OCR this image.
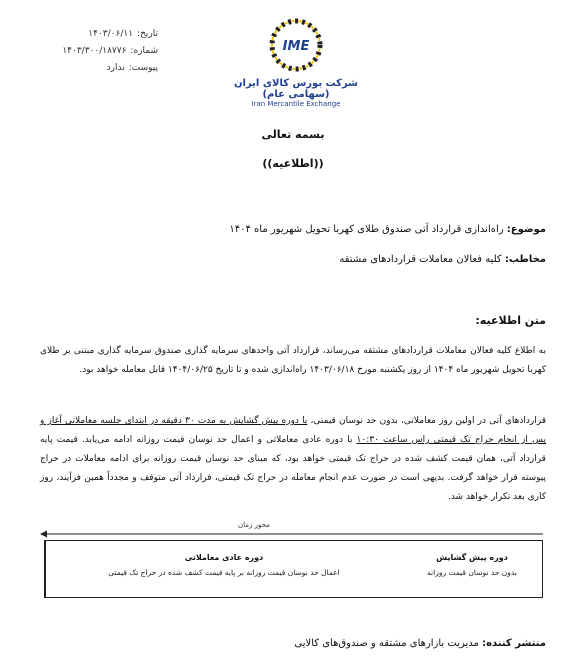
تاریخ:
۱۴۰۳/۰۶/۱۱
شماره:
۱۴۰۳/۳۰۰/۱۸۷۷۶
پیوست:
ندارد
IME
شرکت بورس کالای ایران (سهامی عام)
Iran Mercantile Exchange
بسمه تعالی
((اطلاعیه))
موضوع: راه‌اندازی قرارداد آتی صندوق طلای کهربا تحویل شهریور ماه ۱۴۰۴
مخاطب: کلیه فعالان معاملات قراردادهای مشتقه
متن اطلاعیه:
به اطلاع کلیه فعالان معاملات قراردادهای مشتقه می‌رساند، قرارداد آتی واحدهای سرمایه گذاری صندوق سرمایه گذاری مبتنی بر طلای کهربا تحویل شهریور ماه ۱۴۰۴ از روز یکشنبه مورخ ۱۴۰۳/۰۶/۱۸ راه‌اندازی شده و تا تاریخ ۱۴۰۴/۰۶/۲۵ قابل معامله خواهد بود.
قراردادهای آتی در اولین روز معاملاتی، بدون حد نوسان قیمتی، با دوره پیش گشایش به مدت ۳۰ دقیقه در ابتدای جلسه معاملاتی آغاز و پس از انجام حراج تک قیمتی راس ساعت ۱۰:۳۰ با دوره عادی معاملاتی و اعمال حد نوسان قیمت روزانه ادامه می‌یابد. قیمت پایه قرارداد آتی، همان قیمت کشف شده در حراج تک قیمتی خواهد بود، که مبنای حد نوسان قیمت روزانه برای ادامه معاملات در حراج پیوسته قرار خواهد گرفت. بدیهی است در صورت عدم انجام معامله در حراج تک قیمتی، قرارداد آتی متوقف و مجدداً همین فرآیند، روز کاری بعد تکرار خواهد شد.
محور زمان
دوره پیش گشایش
بدون حد نوسان قیمت روزانه
دوره عادی معاملاتی
اعمال حد نوسان قیمت روزانه بر پایه قیمت کشف شده در حراج تک قیمتی
منتشر کننده: مدیریت بازارهای مشتقه و صندوق‌های کالایی
